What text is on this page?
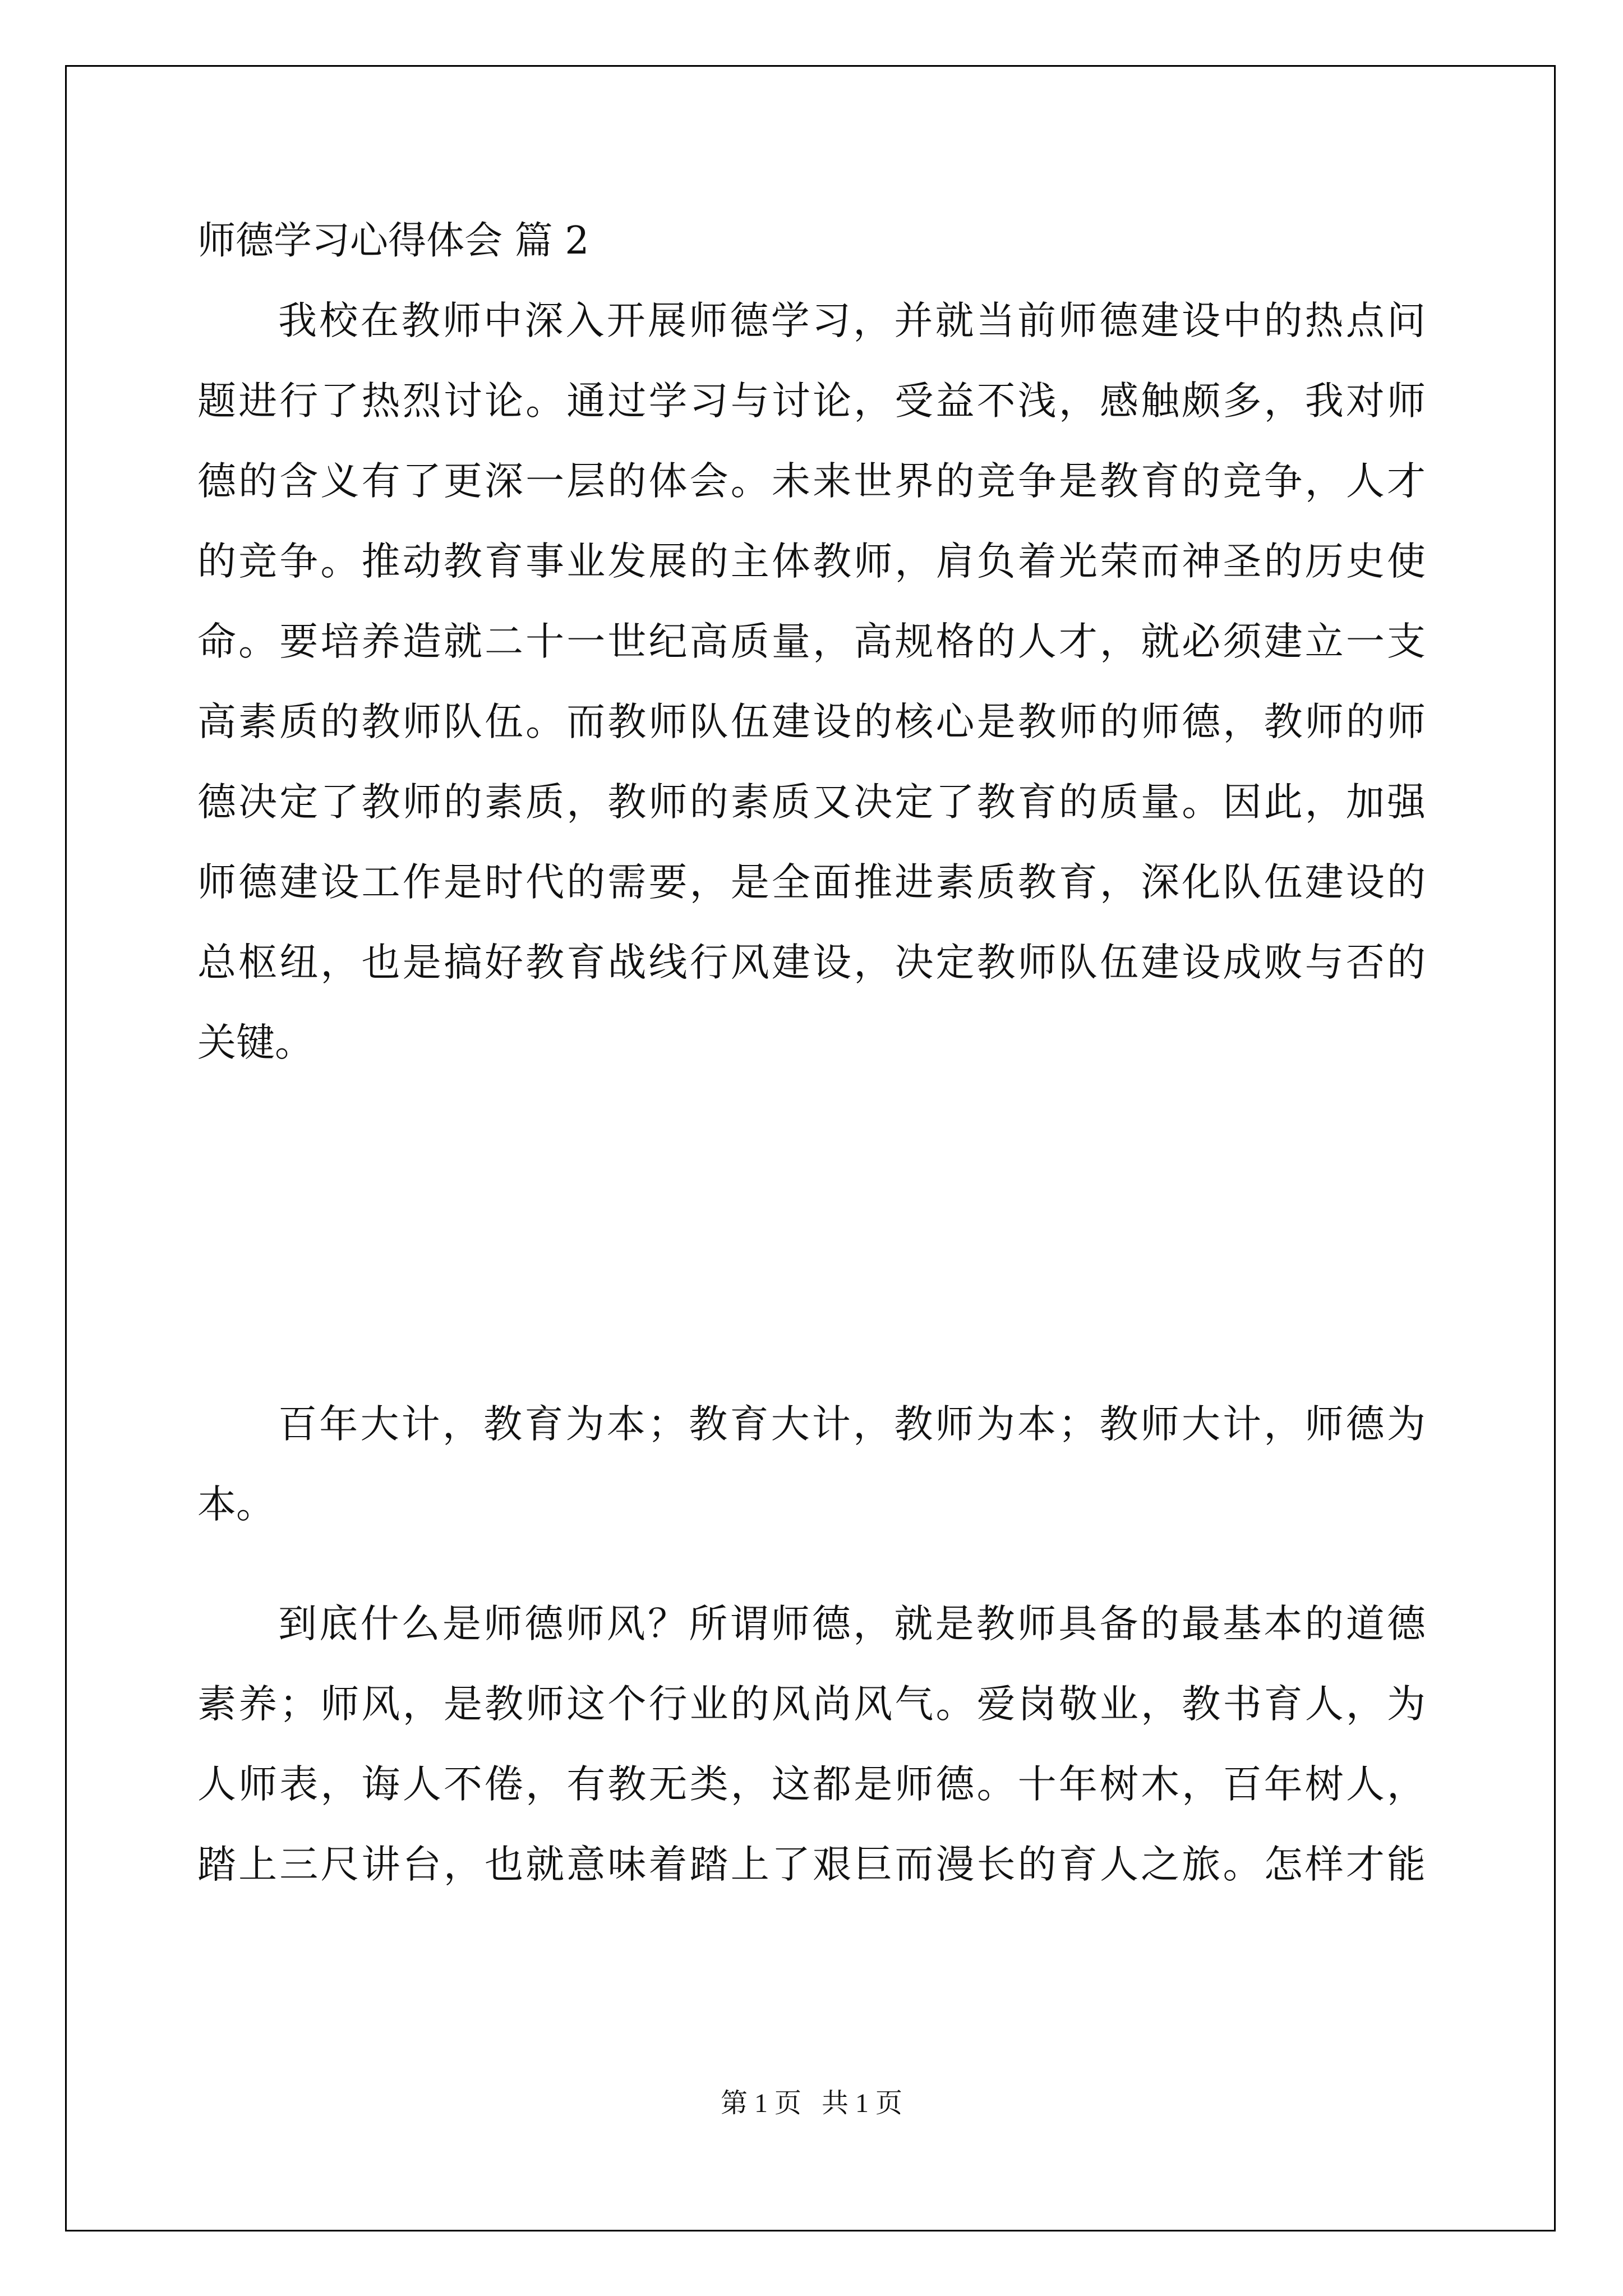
师德学习心得体会 篇 2
我校在教师中深入开展师德学习，并就当前师德建设中的热点问
题进行了热烈讨论。通过学习与讨论，受益不浅，感触颇多，我对师
德的含义有了更深一层的体会。未来世界的竞争是教育的竞争，人才
的竞争。推动教育事业发展的主体教师，肩负着光荣而神圣的历史使
命。要培养造就二十一世纪高质量，高规格的人才，就必须建立一支
高素质的教师队伍。而教师队伍建设的核心是教师的师德，教师的师
德决定了教师的素质，教师的素质又决定了教育的质量。因此，加强
师德建设工作是时代的需要，是全面推进素质教育，深化队伍建设的
总枢纽，也是搞好教育战线行风建设，决定教师队伍建设成败与否的
关键。
百年大计，教育为本；教育大计，教师为本；教师大计，师德为
本。
到底什么是师德师风？所谓师德，就是教师具备的最基本的道德
素养；师风，是教师这个行业的风尚风气。爱岗敬业，教书育人，为
人师表，诲人不倦，有教无类，这都是师德。十年树木，百年树人，
踏上三尺讲台，也就意味着踏上了艰巨而漫长的育人之旅。怎样才能
第 1 页   共 1 页
